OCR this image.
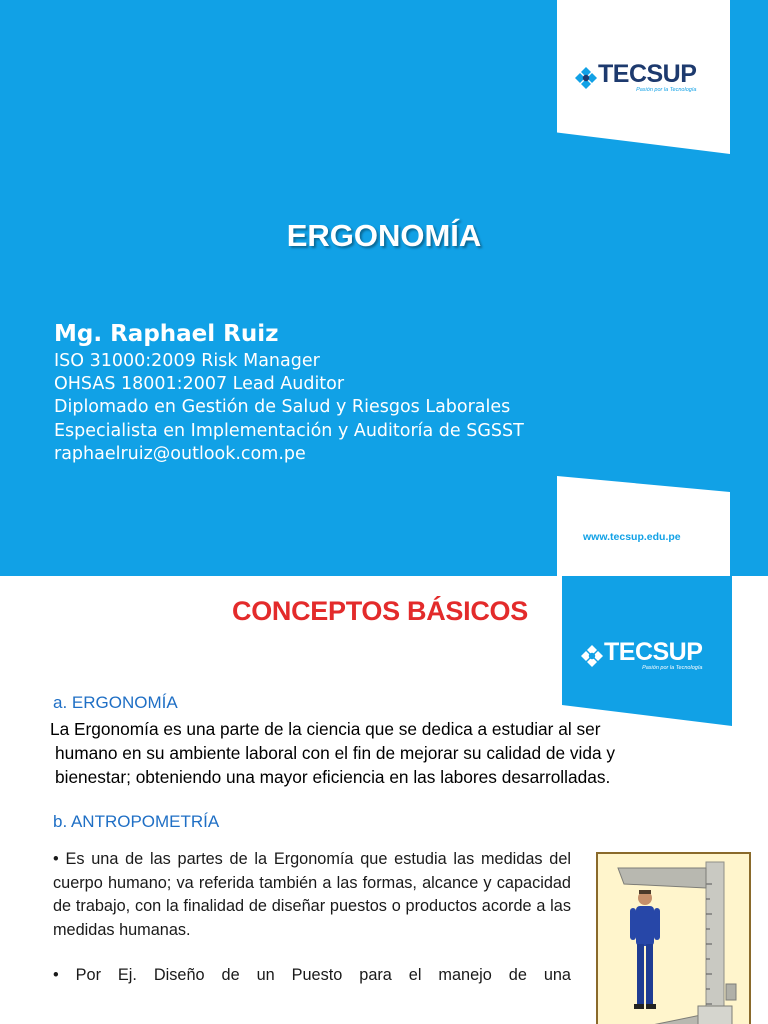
TECSUP
Pasión por la Tecnología
ERGONOMÍA
Mg. Raphael Ruiz
ISO 31000:2009 Risk Manager
OHSAS 18001:2007 Lead Auditor
Diplomado en Gestión de Salud y Riesgos Laborales
Especialista en Implementación y Auditoría de SGSST
raphaelruiz@outlook.com.pe
www.tecsup.edu.pe
TECSUP
Pasión por la Tecnología
CONCEPTOS BÁSICOS
a. ERGONOMÍA
La Ergonomía es una parte de la ciencia que se dedica a estudiar al ser
humano en su ambiente laboral con el fin de mejorar su calidad de vida y
bienestar; obteniendo una mayor eficiencia en las labores desarrolladas.
b. ANTROPOMETRÍA

• Es una de las partes de la Ergonomía que estudia las medidas del cuerpo humano; va referida también a las formas, alcance y capacidad de trabajo, con la finalidad de diseñar puestos o productos acorde a las medidas humanas.

• Por Ej. Diseño de un Puesto para el manejo de una
